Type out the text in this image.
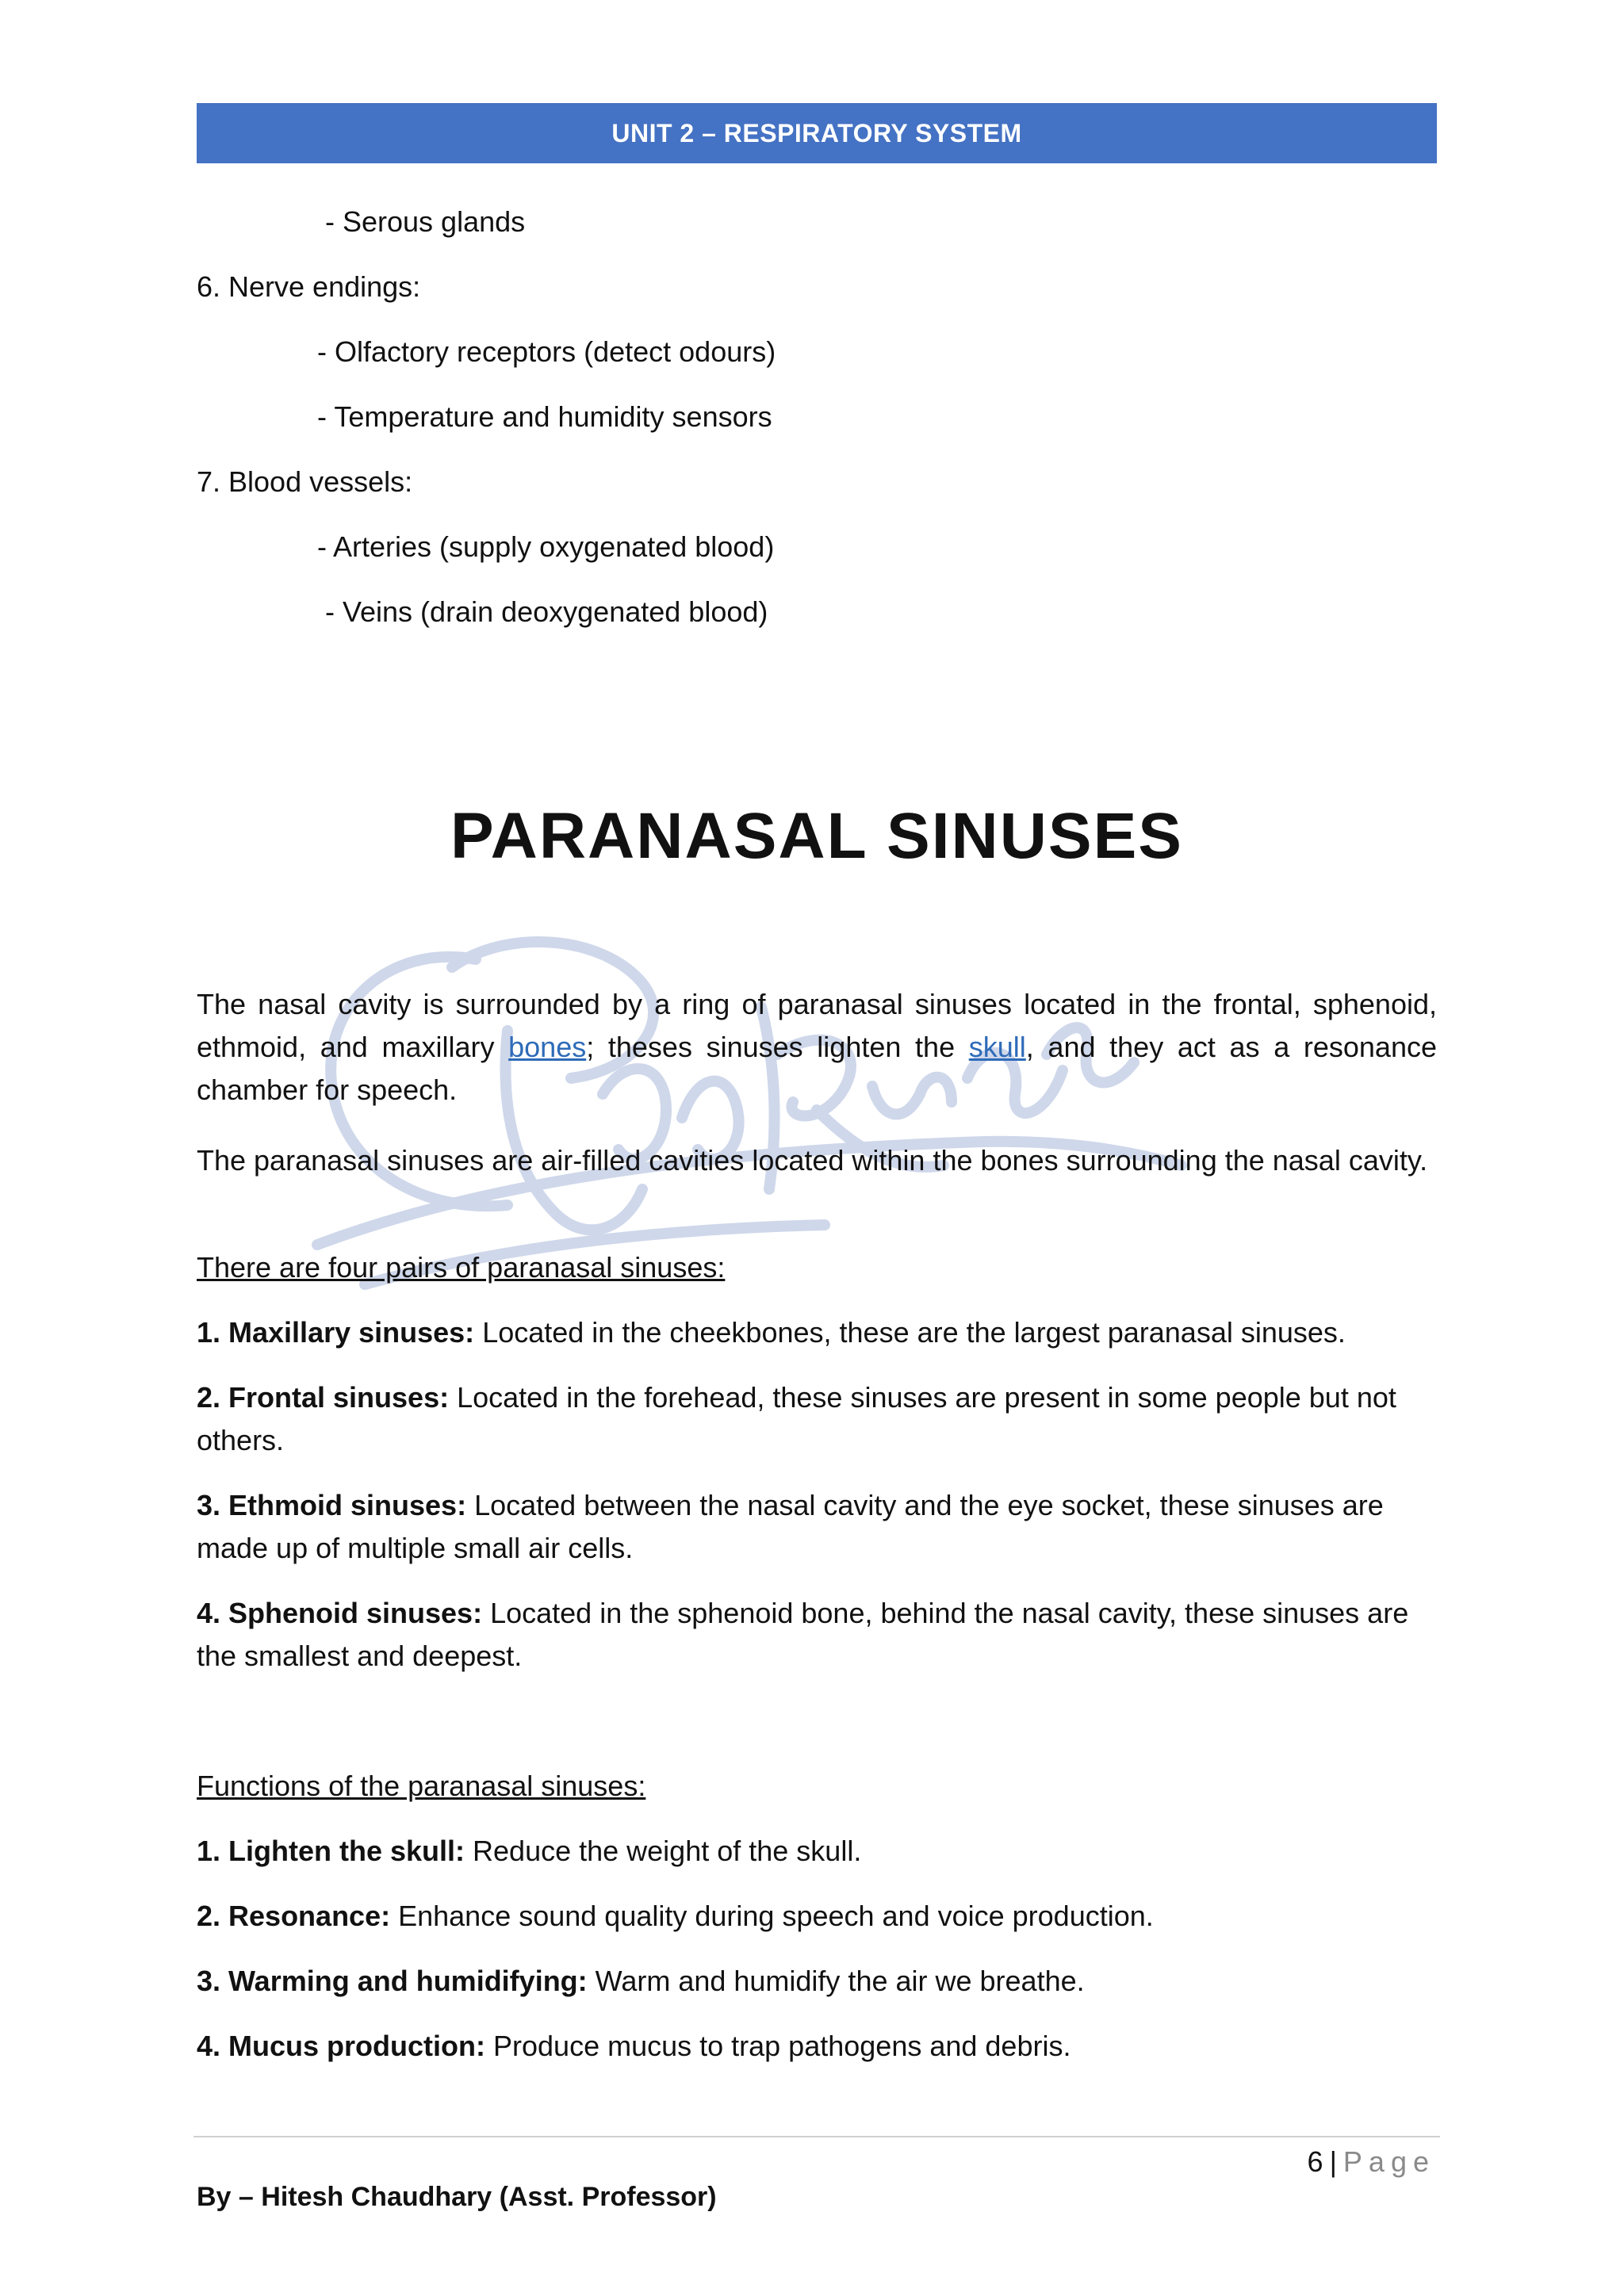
UNIT 2 – RESPIRATORY SYSTEM
- Serous glands
6. Nerve endings:
- Olfactory receptors (detect odours)
- Temperature and humidity sensors
7. Blood vessels:
- Arteries (supply oxygenated blood)
- Veins (drain deoxygenated blood)
PARANASAL SINUSES
The nasal cavity is surrounded by a ring of paranasal sinuses located in the frontal, sphenoid, ethmoid, and maxillary bones; theses sinuses lighten the skull, and they act as a resonance chamber for speech.
The paranasal sinuses are air-filled cavities located within the bones surrounding the nasal cavity.
There are four pairs of paranasal sinuses:
1. Maxillary sinuses: Located in the cheekbones, these are the largest paranasal sinuses.
2. Frontal sinuses: Located in the forehead, these sinuses are present in some people but not others.
3. Ethmoid sinuses: Located between the nasal cavity and the eye socket, these sinuses are made up of multiple small air cells.
4. Sphenoid sinuses: Located in the sphenoid bone, behind the nasal cavity, these sinuses are the smallest and deepest.
Functions of the paranasal sinuses:
1. Lighten the skull: Reduce the weight of the skull.
2. Resonance: Enhance sound quality during speech and voice production.
3. Warming and humidifying: Warm and humidify the air we breathe.
4. Mucus production: Produce mucus to trap pathogens and debris.
6 | Page
By – Hitesh Chaudhary (Asst. Professor)
